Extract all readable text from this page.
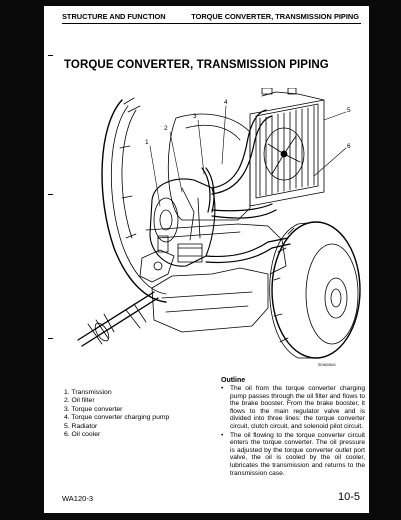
STRUCTURE AND FUNCTION	TORQUE CONVERTER, TRANSMISSION PIPING
TORQUE CONVERTER, TRANSMISSION PIPING
1
2
3
4
5
6
SDW00641
1. Transmission
2. Oil filter
3. Torque converter
4. Torque converter charging pump
5. Radiator
6. Oil cooler
Outline
• The oil from the torque converter charging pump passes through the oil filter and flows to the brake booster. From the brake booster, it flows to the main regulator valve and is divided into three lines: the torque converter circuit, clutch circuit, and solenoid pilot circuit.
• The oil flowing to the torque converter circuit enters the torque converter. The oil pressure is adjusted by the torque converter outlet port valve, the oil is cooled by the oil cooler, lubricates the transmission and returns to the transmission case.
WA120-3	10-5
